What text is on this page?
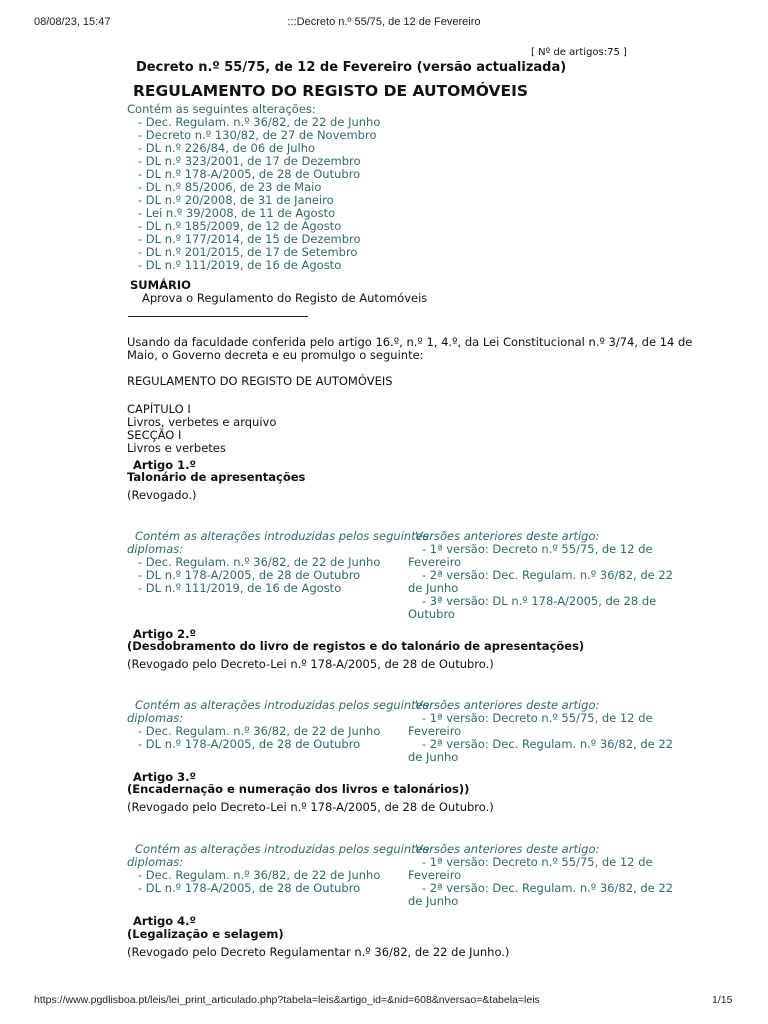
08/08/23, 15:47	:::Decreto n.º 55/75, de 12 de Fevereiro
[ Nº de artigos:75 ]
Decreto n.º 55/75, de 12 de Fevereiro (versão actualizada)
REGULAMENTO DO REGISTO DE AUTOMÓVEIS
Contém as seguintes alterações:
- Dec. Regulam. n.º 36/82, de 22 de Junho
- Decreto n.º 130/82, de 27 de Novembro
- DL n.º 226/84, de 06 de Julho
- DL n.º 323/2001, de 17 de Dezembro
- DL n.º 178-A/2005, de 28 de Outubro
- DL n.º 85/2006, de 23 de Maio
- DL n.º 20/2008, de 31 de Janeiro
- Lei n.º 39/2008, de 11 de Agosto
- DL n.º 185/2009, de 12 de Agosto
- DL n.º 177/2014, de 15 de Dezembro
- DL n.º 201/2015, de 17 de Setembro
- DL n.º 111/2019, de 16 de Agosto
SUMÁRIO
Aprova o Regulamento do Registo de Automóveis
Usando da faculdade conferida pelo artigo 16.º, n.º 1, 4.º, da Lei Constitucional n.º 3/74, de 14 de
Maio, o Governo decreta e eu promulgo o seguinte:
REGULAMENTO DO REGISTO DE AUTOMÓVEIS
CAPÍTULO I
Livros, verbetes e arquivo
SECÇÃO I
Livros e verbetes
Artigo 1.º
Talonário de apresentações
(Revogado.)
Contém as alterações introduzidas pelos seguintes
diplomas:
- Dec. Regulam. n.º 36/82, de 22 de Junho
- DL n.º 178-A/2005, de 28 de Outubro
- DL n.º 111/2019, de 16 de Agosto
Versões anteriores deste artigo:
- 1ª versão: Decreto n.º 55/75, de 12 de
Fevereiro
- 2ª versão: Dec. Regulam. n.º 36/82, de 22
de Junho
- 3ª versão: DL n.º 178-A/2005, de 28 de
Outubro
Artigo 2.º
(Desdobramento do livro de registos e do talonário de apresentações)
(Revogado pelo Decreto-Lei n.º 178-A/2005, de 28 de Outubro.)
Contém as alterações introduzidas pelos seguintes
diplomas:
- Dec. Regulam. n.º 36/82, de 22 de Junho
- DL n.º 178-A/2005, de 28 de Outubro
Versões anteriores deste artigo:
- 1ª versão: Decreto n.º 55/75, de 12 de
Fevereiro
- 2ª versão: Dec. Regulam. n.º 36/82, de 22
de Junho
Artigo 3.º
(Encadernação e numeração dos livros e talonários))
(Revogado pelo Decreto-Lei n.º 178-A/2005, de 28 de Outubro.)
Contém as alterações introduzidas pelos seguintes
diplomas:
- Dec. Regulam. n.º 36/82, de 22 de Junho
- DL n.º 178-A/2005, de 28 de Outubro
Versões anteriores deste artigo:
- 1ª versão: Decreto n.º 55/75, de 12 de
Fevereiro
- 2ª versão: Dec. Regulam. n.º 36/82, de 22
de Junho
Artigo 4.º
(Legalização e selagem)
(Revogado pelo Decreto Regulamentar n.º 36/82, de 22 de Junho.)
https://www.pgdlisboa.pt/leis/lei_print_articulado.php?tabela=leis&artigo_id=&nid=608&nversao=&tabela=leis	1/15
